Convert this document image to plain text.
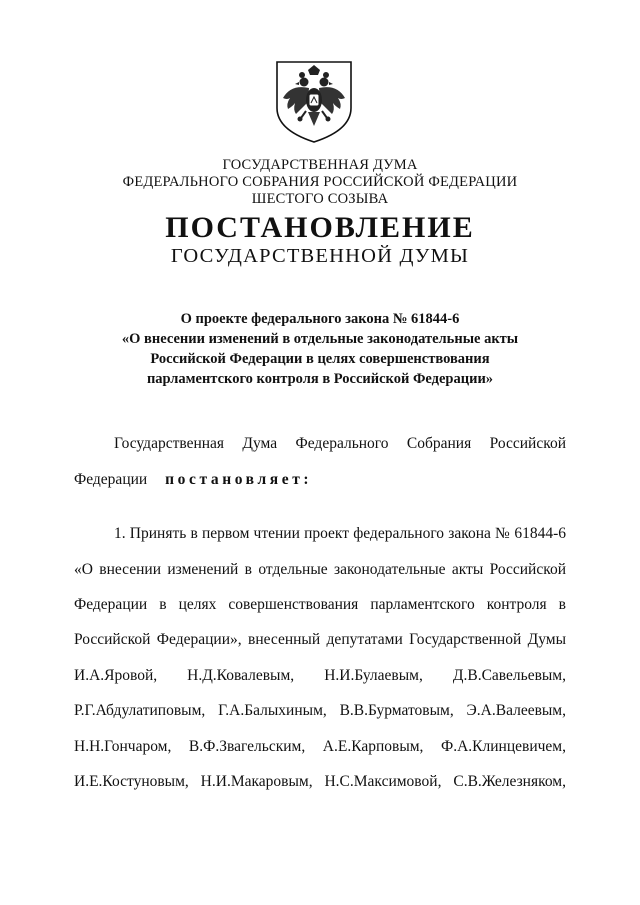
ГОСУДАРСТВЕННАЯ ДУМА
ФЕДЕРАЛЬНОГО СОБРАНИЯ РОССИЙСКОЙ ФЕДЕРАЦИИ
ШЕСТОГО СОЗЫВА
ПОСТАНОВЛЕНИЕ
ГОСУДАРСТВЕННОЙ ДУМЫ
О проекте федерального закона № 61844-6
«О внесении изменений в отдельные законодательные акты
Российской Федерации в целях совершенствования
парламентского контроля в Российской Федерации»
Государственная Дума Федерального Собрания Российской
Федерации постановляет:
1. Принять в первом чтении проект федерального закона № 61844-6
«О внесении изменений в отдельные законодательные акты Российской
Федерации в целях совершенствования парламентского контроля в
Российской Федерации», внесенный депутатами Государственной Думы
И.А.Яровой, Н.Д.Ковалевым, Н.И.Булаевым, Д.В.Савельевым,
Р.Г.Абдулатиповым, Г.А.Балыхиным, В.В.Бурматовым, Э.А.Валеевым,
Н.Н.Гончаром, В.Ф.Звагельским, А.Е.Карповым, Ф.А.Клинцевичем,
И.Е.Костуновым, Н.И.Макаровым, Н.С.Максимовой, С.В.Железняком,
